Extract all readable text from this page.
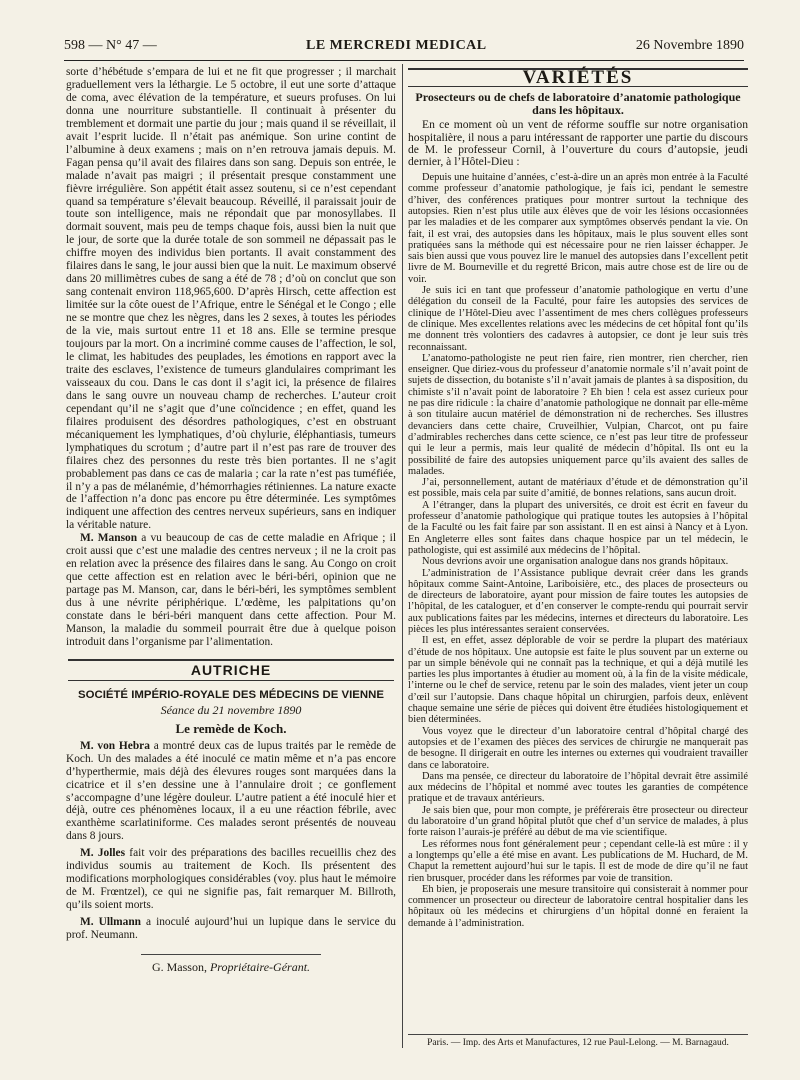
598 — N° 47 —	LE MERCREDI MEDICAL	26 Novembre 1890

sorte d’hébétude s’empara de lui et ne fit que progresser ; il marchait graduellement vers la léthargie. Le 5 octobre, il eut une sorte d’attaque de coma, avec élévation de la température, et sueurs profuses. On lui donna une nourriture substantielle. Il continuait à présenter du tremblement et dormait une partie du jour ; mais quand il se réveillait, il avait l’esprit lucide. Il n’était pas anémique. Son urine contint de l’albumine à deux examens ; mais on n’en retrouva jamais depuis. M. Fagan pensa qu’il avait des filaires dans son sang. Depuis son entrée, le malade n’avait pas maigri ; il présentait presque constamment une fièvre irrégulière. Son appétit était assez soutenu, si ce n’est cependant quand sa température s’élevait beaucoup. Réveillé, il paraissait jouir de toute son intelligence, mais ne répondait que par monosyllabes. Il dormait souvent, mais peu de temps chaque fois, aussi bien la nuit que le jour, de sorte que la durée totale de son sommeil ne dépassait pas le chiffre moyen des individus bien portants. Il avait constamment des filaires dans le sang, le jour aussi bien que la nuit. Le maximum observé dans 20 millimètres cubes de sang a été de 78 ; d’où on conclut que son sang contenait environ 118,965,600. D’après Hirsch, cette affection est limitée sur la côte ouest de l’Afrique, entre le Sénégal et le Congo ; elle ne se montre que chez les nègres, dans les 2 sexes, à toutes les périodes de la vie, mais surtout entre 11 et 18 ans. Elle se termine presque toujours par la mort. On a incriminé comme causes de l’affection, le sol, le climat, les habitudes des peuplades, les émotions en rapport avec la traite des esclaves, l’existence de tumeurs glandulaires comprimant les vaisseaux du cou. Dans le cas dont il s’agit ici, la présence de filaires dans le sang ouvre un nouveau champ de recherches. L’auteur croit cependant qu’il ne s’agit que d’une coïncidence ; en effet, quand les filaires produisent des désordres pathologiques, c’est en obstruant mécaniquement les lymphatiques, d’où chylurie, éléphantiasis, tumeurs lymphatiques du scrotum ; d’autre part il n’est pas rare de trouver des filaires chez des personnes du reste très bien portantes. Il ne s’agit probablement pas dans ce cas de malaria ; car la rate n’est pas tuméfiée, il n’y a pas de mélanémie, d’hémorrhagies rétiniennes. La nature exacte de l’affection n’a donc pas encore pu être déterminée. Les symptômes indiquent une affection des centres nerveux supérieurs, sans en indiquer la véritable nature.

M. Manson a vu beaucoup de cas de cette maladie en Afrique ; il croit aussi que c’est une maladie des centres nerveux ; il ne la croit pas en relation avec la présence des filaires dans le sang. Au Congo on croit que cette affection est en relation avec le béri-béri, opinion que ne partage pas M. Manson, car, dans le béri-béri, les symptômes semblent dus à une névrite périphérique. L’œdème, les palpitations qu’on constate dans le béri-béri manquent dans cette affection. Pour M. Manson, la maladie du sommeil pourrait être due à quelque poison introduit dans l’organisme par l’alimentation.

AUTRICHE
SOCIÉTÉ IMPÉRIO-ROYALE DES MÉDECINS DE VIENNE
Séance du 21 novembre 1890
Le remède de Koch.

M. von Hebra a montré deux cas de lupus traités par le remède de Koch. Un des malades a été inoculé ce matin même et n’a pas encore d’hyperthermie, mais déjà des élevures rouges sont marquées dans la cicatrice et il s’en dessine une à l’annulaire droit ; ce gonflement s’accompagne d’une légère douleur. L’autre patient a été inoculé hier et déjà, outre ces phénomènes locaux, il a eu une réaction fébrile, avec exanthème scarlatiniforme. Ces malades seront présentés de nouveau dans 8 jours.

M. Jolles fait voir des préparations des bacilles recueillis chez des individus soumis au traitement de Koch. Ils présentent des modifications morphologiques considérables (voy. plus haut le mémoire de M. Frœntzel), ce qui ne signifie pas, fait remarquer M. Billroth, qu’ils soient morts.

M. Ullmann a inoculé aujourd’hui un lupique dans le service du prof. Neumann.

G. Masson, Propriétaire-Gérant.
VARIÉTÉS
Prosecteurs ou de chefs de laboratoire d’anatomie pathologique dans les hôpitaux.

En ce moment où un vent de réforme souffle sur notre organisation hospitalière, il nous a paru intéressant de rapporter une partie du discours de M. le professeur Cornil, à l’ouverture du cours d’autopsie, jeudi dernier, à l’Hôtel-Dieu :

Depuis une huitaine d’années, c’est-à-dire un an après mon entrée à la Faculté comme professeur d’anatomie pathologique, je fais ici, pendant le semestre d’hiver, des conférences pratiques pour montrer surtout la technique des autopsies. Rien n’est plus utile aux élèves que de voir les lésions occasionnées par les maladies et de les comparer aux symptômes observés pendant la vie. On fait, il est vrai, des autopsies dans les hôpitaux, mais le plus souvent elles sont pratiquées sans la méthode qui est nécessaire pour ne rien laisser échapper. Je sais bien aussi que vous pouvez lire le manuel des autopsies dans l’excellent petit livre de M. Bourneville et du regretté Bricon, mais autre chose est de lire ou de voir.

Je suis ici en tant que professeur d’anatomie pathologique en vertu d’une délégation du conseil de la Faculté, pour faire les autopsies des services de clinique de l’Hôtel-Dieu avec l’assentiment de mes chers collègues professeurs de clinique. Mes excellentes relations avec les médecins de cet hôpital font qu’ils me donnent très volontiers des cadavres à autopsier, ce dont je leur suis très reconnaissant.

L’anatomo-pathologiste ne peut rien faire, rien montrer, rien chercher, rien enseigner. Que diriez-vous du professeur d’anatomie normale s’il n’avait point de sujets de dissection, du botaniste s’il n’avait jamais de plantes à sa disposition, du chimiste s’il n’avait point de laboratoire ? Eh bien ! cela est assez curieux pour ne pas dire ridicule : la chaire d’anatomie pathologique ne donnait par elle-même à son titulaire aucun matériel de démonstration ni de recherches. Ses illustres devanciers dans cette chaire, Cruveilhier, Vulpian, Charcot, ont pu faire d’admirables recherches dans cette science, ce n’est pas leur titre de professeur qui le leur a permis, mais leur qualité de médecin d’hôpital. Ils ont eu la possibilité de faire des autopsies uniquement parce qu’ils avaient des salles de malades.

J’ai, personnellement, autant de matériaux d’étude et de démonstration qu’il est possible, mais cela par suite d’amitié, de bonnes relations, sans aucun droit.

A l’étranger, dans la plupart des universités, ce droit est écrit en faveur du professeur d’anatomie pathologique qui pratique toutes les autopsies à l’hôpital de la Faculté ou les fait faire par son assistant. Il en est ainsi à Nancy et à Lyon. En Angleterre elles sont faites dans chaque hospice par un tel médecin, le pathologiste, qui est assimilé aux médecins de l’hôpital.

Nous devrions avoir une organisation analogue dans nos grands hôpitaux.

L’administration de l’Assistance publique devrait créer dans les grands hôpitaux comme Saint-Antoine, Lariboisière, etc., des places de prosecteurs ou de directeurs de laboratoire, ayant pour mission de faire toutes les autopsies de l’hôpital, de les cataloguer, et d’en conserver le compte-rendu qui pourrait servir aux publications faites par les médecins, internes et directeurs du laboratoire. Les pièces les plus intéressantes seraient conservées.

Il est, en effet, assez déplorable de voir se perdre la plupart des matériaux d’étude de nos hôpitaux. Une autopsie est faite le plus souvent par un externe ou par un simple bénévole qui ne connaît pas la technique, et qui a déjà mutilé les parties les plus importantes à étudier au moment où, à la fin de la visite médicale, l’interne ou le chef de service, retenu par le soin des malades, vient jeter un coup d’œil sur l’autopsie. Dans chaque hôpital un chirurgien, parfois deux, enlèvent chaque semaine une série de pièces qui doivent être étudiées histologiquement et bien déterminées.

Vous voyez que le directeur d’un laboratoire central d’hôpital chargé des autopsies et de l’examen des pièces des services de chirurgie ne manquerait pas de besogne. Il dirigerait en outre les internes ou externes qui voudraient travailler dans ce laboratoire.

Dans ma pensée, ce directeur du laboratoire de l’hôpital devrait être assimilé aux médecins de l’hôpital et nommé avec toutes les garanties de compétence pratique et de travaux antérieurs.

Je sais bien que, pour mon compte, je préférerais être prosecteur ou directeur du laboratoire d’un grand hôpital plutôt que chef d’un service de malades, à plus forte raison l’aurais-je préféré au début de ma vie scientifique.

Les réformes nous font généralement peur ; cependant celle-là est mûre : il y a longtemps qu’elle a été mise en avant. Les publications de M. Huchard, de M. Chaput la remettent aujourd’hui sur le tapis. Il est de mode de dire qu’il ne faut rien brusquer, procéder dans les réformes par voie de transition.

Eh bien, je proposerais une mesure transitoire qui consisterait à nommer pour commencer un prosecteur ou directeur de laboratoire central hospitalier dans les hôpitaux où les médecins et chirurgiens d’un hôpital donné en feraient la demande à l’administration.

Paris. — Imp. des Arts et Manufactures, 12 rue Paul-Lelong. — M. Barnagaud.
